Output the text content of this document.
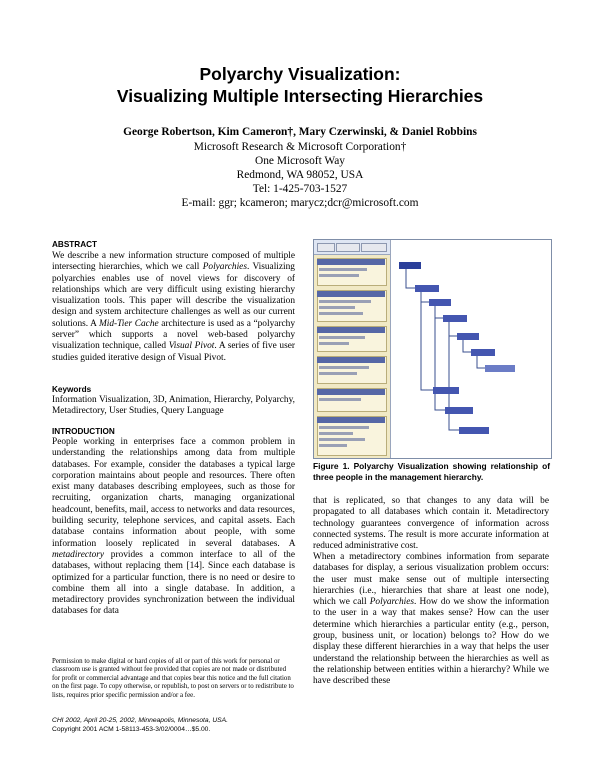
Polyarchy Visualization:
Visualizing Multiple Intersecting Hierarchies
George Robertson, Kim Cameron†, Mary Czerwinski, & Daniel Robbins
Microsoft Research & Microsoft Corporation†
One Microsoft Way
Redmond, WA 98052, USA
Tel: 1-425-703-1527
E-mail: ggr; kcameron; marycz;dcr@microsoft.com
ABSTRACT
We describe a new information structure composed of multiple intersecting hierarchies, which we call Polyarchies. Visualizing polyarchies enables use of novel views for discovery of relationships which are very difficult using existing hierarchy visualization tools. This paper will describe the visualization design and system architecture challenges as well as our current solutions. A Mid-Tier Cache architecture is used as a “polyarchy server” which supports a novel web-based polyarchy visualization technique, called Visual Pivot. A series of five user studies guided iterative design of Visual Pivot.
Keywords
Information Visualization, 3D, Animation, Hierarchy, Polyarchy, Metadirectory, User Studies, Query Language
INTRODUCTION
People working in enterprises face a common problem in understanding the relationships among data from multiple databases. For example, consider the databases a typical large corporation maintains about people and resources. There often exist many databases describing employees, such as those for recruiting, organization charts, managing organizational headcount, benefits, mail, access to networks and data resources, building security, telephone services, and capital assets. Each database contains information about people, with some information loosely replicated in several databases. A metadirectory provides a common interface to all of the databases, without replacing them [14]. Since each database is optimized for a particular function, there is no need or desire to combine them all into a single database. In addition, a metadirectory provides synchronization between the individual databases for data
Permission to make digital or hard copies of all or part of this work for personal or classroom use is granted without fee provided that copies are not made or distributed for profit or commercial advantage and that copies bear this notice and the full citation on the first page. To copy otherwise, or republish, to post on servers or to redistribute to lists, requires prior specific permission and/or a fee.
CHI 2002, April 20-25, 2002, Minneapolis, Minnesota, USA.
Copyright 2001 ACM 1-58113-453-3/02/0004…$5.00.
Figure 1. Polyarchy Visualization showing relationship of three people in the management hierarchy.
that is replicated, so that changes to any data will be propagated to all databases which contain it. Metadirectory technology guarantees convergence of information across connected systems. The result is more accurate information at reduced administrative cost.
When a metadirectory combines information from separate databases for display, a serious visualization problem occurs: the user must make sense out of multiple intersecting hierarchies (i.e., hierarchies that share at least one node), which we call Polyarchies. How do we show the information to the user in a way that makes sense? How can the user determine which hierarchies a particular entity (e.g., person, group, business unit, or location) belongs to? How do we display these different hierarchies in a way that helps the user understand the relationship between the hierarchies as well as the relationship between entities within a hierarchy? While we have described these
